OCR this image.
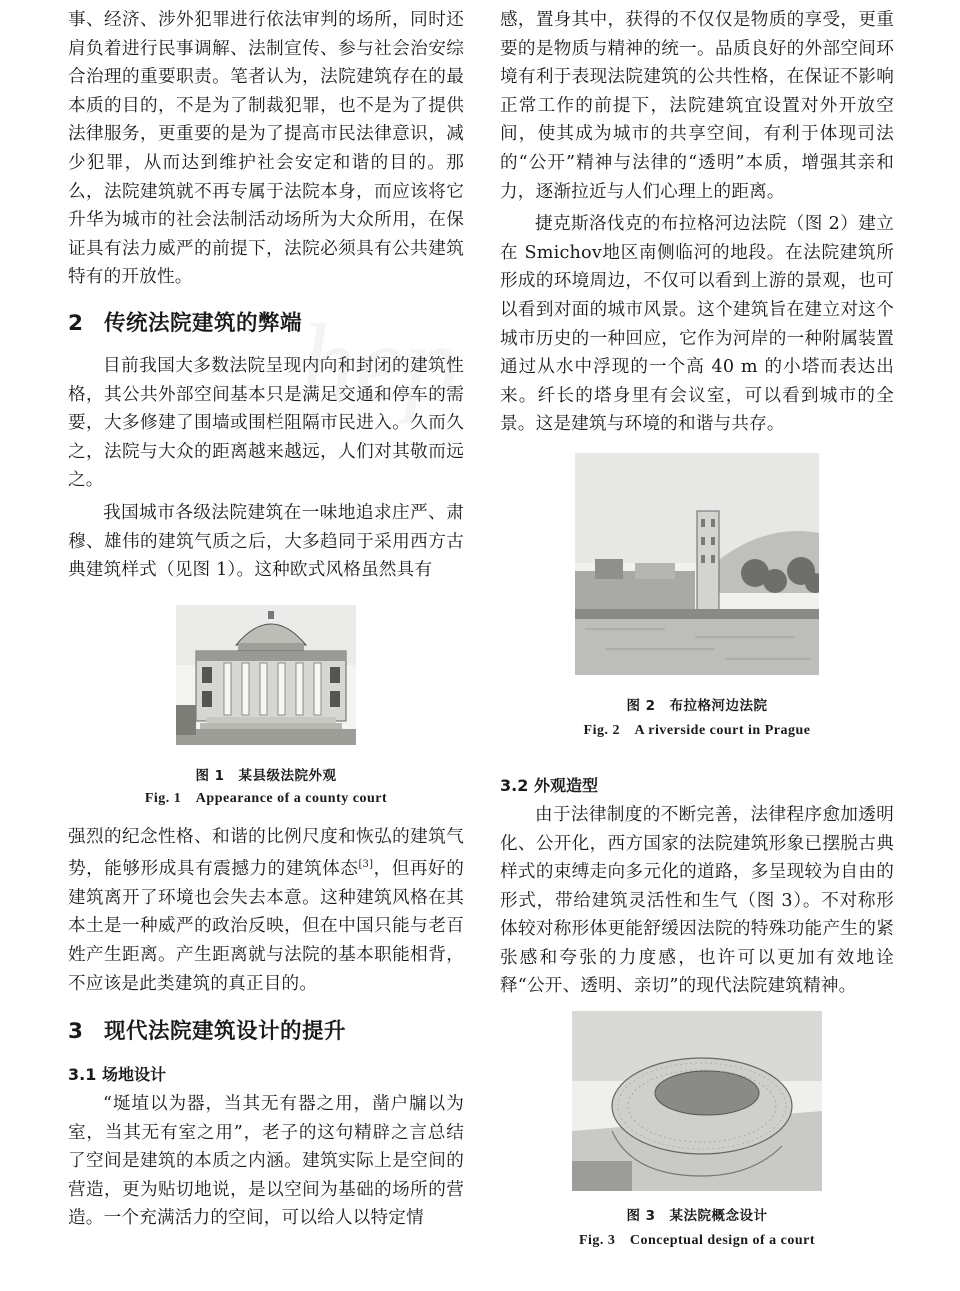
事、经济、涉外犯罪进行依法审判的场所，同时还肩负着进行民事调解、法制宣传、参与社会治安综合治理的重要职责。笔者认为，法院建筑存在的最本质的目的，不是为了制裁犯罪，也不是为了提供法律服务，更重要的是为了提高市民法律意识，减少犯罪，从而达到维护社会安定和谐的目的。那么，法院建筑就不再专属于法院本身，而应该将它升华为城市的社会法制活动场所为大众所用，在保证具有法力威严的前提下，法院必须具有公共建筑特有的开放性。

2 传统法院建筑的弊端

目前我国大多数法院呈现内向和封闭的建筑性格，其公共外部空间基本只是满足交通和停车的需要，大多修建了围墙或围栏阻隔市民进入。久而久之，法院与大众的距离越来越远，人们对其敬而远之。

我国城市各级法院建筑在一味地追求庄严、肃穆、雄伟的建筑气质之后，大多趋同于采用西方古典建筑样式（见图 1）。这种欧式风格虽然具有

图 1　某县级法院外观
Fig. 1　Appearance of a county court

强烈的纪念性格、和谐的比例尺度和恢弘的建筑气势，能够形成具有震撼力的建筑体态[3]，但再好的建筑离开了环境也会失去本意。这种建筑风格在其本土是一种威严的政治反映，但在中国只能与老百姓产生距离。产生距离就与法院的基本职能相背，不应该是此类建筑的真正目的。

3 现代法院建筑设计的提升
3.1 场地设计

“埏埴以为器，当其无有器之用，凿户牖以为室，当其无有室之用”，老子的这句精辟之言总结了空间是建筑的本质之内涵。建筑实际上是空间的营造，更为贴切地说，是以空间为基础的场所的营造。一个充满活力的空间，可以给人以特定情

感，置身其中，获得的不仅仅是物质的享受，更重要的是物质与精神的统一。品质良好的外部空间环境有利于表现法院建筑的公共性格，在保证不影响正常工作的前提下，法院建筑宜设置对外开放空间，使其成为城市的共享空间，有利于体现司法的“公开”精神与法律的“透明”本质，增强其亲和力，逐渐拉近与人们心理上的距离。

捷克斯洛伐克的布拉格河边法院（图 2）建立在 Smichov地区南侧临河的地段。在法院建筑所形成的环境周边，不仅可以看到上游的景观，也可以看到对面的城市风景。这个建筑旨在建立对这个城市历史的一种回应，它作为河岸的一种附属装置通过从水中浮现的一个高 40 m 的小塔而表达出来。纤长的塔身里有会议室，可以看到城市的全景。这是建筑与环境的和谐与共存。

图 2　布拉格河边法院
Fig. 2　A riverside court in Prague
3.2 外观造型

由于法律制度的不断完善，法律程序愈加透明化、公开化，西方国家的法院建筑形象已摆脱古典样式的束缚走向多元化的道路，多呈现较为自由的形式，带给建筑灵活性和生气（图 3）。不对称形体较对称形体更能舒缓因法院的特殊功能产生的紧张感和夸张的力度感，也许可以更加有效地诠释“公开、透明、亲切”的现代法院建筑精神。

图 3　某法院概念设计
Fig. 3　Conceptual design of a court
